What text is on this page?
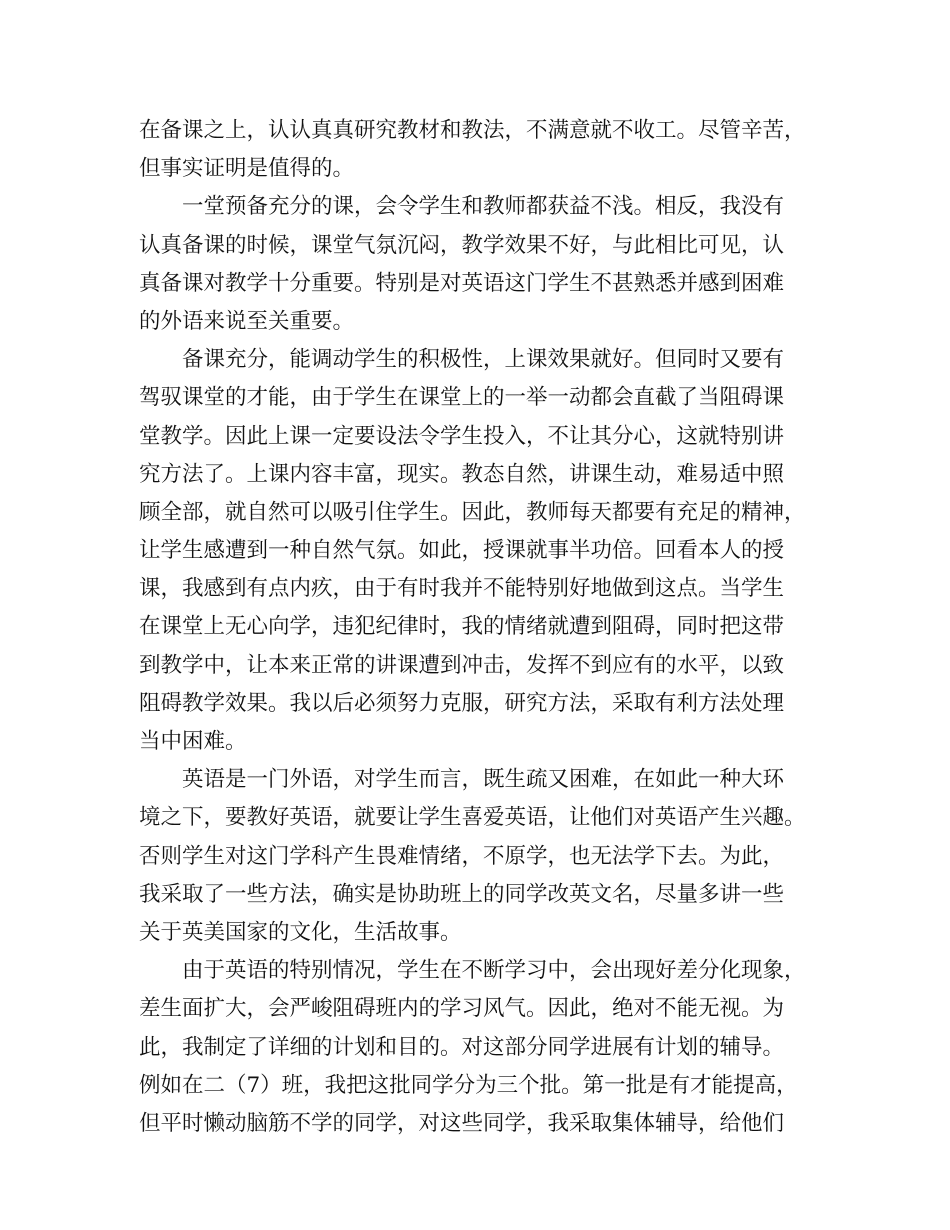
在备课之上，认认真真研究教材和教法，不满意就不收工。尽管辛苦，
但事实证明是值得的。
一堂预备充分的课，会令学生和教师都获益不浅。相反，我没有
认真备课的时候，课堂气氛沉闷，教学效果不好，与此相比可见，认
真备课对教学十分重要。特别是对英语这门学生不甚熟悉并感到困难
的外语来说至关重要。
备课充分，能调动学生的积极性，上课效果就好。但同时又要有
驾驭课堂的才能，由于学生在课堂上的一举一动都会直截了当阻碍课
堂教学。因此上课一定要设法令学生投入，不让其分心，这就特别讲
究方法了。上课内容丰富，现实。教态自然，讲课生动，难易适中照
顾全部，就自然可以吸引住学生。因此，教师每天都要有充足的精神，
让学生感遭到一种自然气氛。如此，授课就事半功倍。回看本人的授
课，我感到有点内疚，由于有时我并不能特别好地做到这点。当学生
在课堂上无心向学，违犯纪律时，我的情绪就遭到阻碍，同时把这带
到教学中，让本来正常的讲课遭到冲击，发挥不到应有的水平，以致
阻碍教学效果。我以后必须努力克服，研究方法，采取有利方法处理
当中困难。
英语是一门外语，对学生而言，既生疏又困难，在如此一种大环
境之下，要教好英语，就要让学生喜爱英语，让他们对英语产生兴趣。
否则学生对这门学科产生畏难情绪，不原学，也无法学下去。为此，
我采取了一些方法，确实是协助班上的同学改英文名，尽量多讲一些
关于英美国家的文化，生活故事。
由于英语的特别情况，学生在不断学习中，会出现好差分化现象，
差生面扩大，会严峻阻碍班内的学习风气。因此，绝对不能无视。为
此，我制定了详细的计划和目的。对这部分同学进展有计划的辅导。
例如在二（7）班，我把这批同学分为三个批。第一批是有才能提高，
但平时懒动脑筋不学的同学，对这些同学，我采取集体辅导，给他们
